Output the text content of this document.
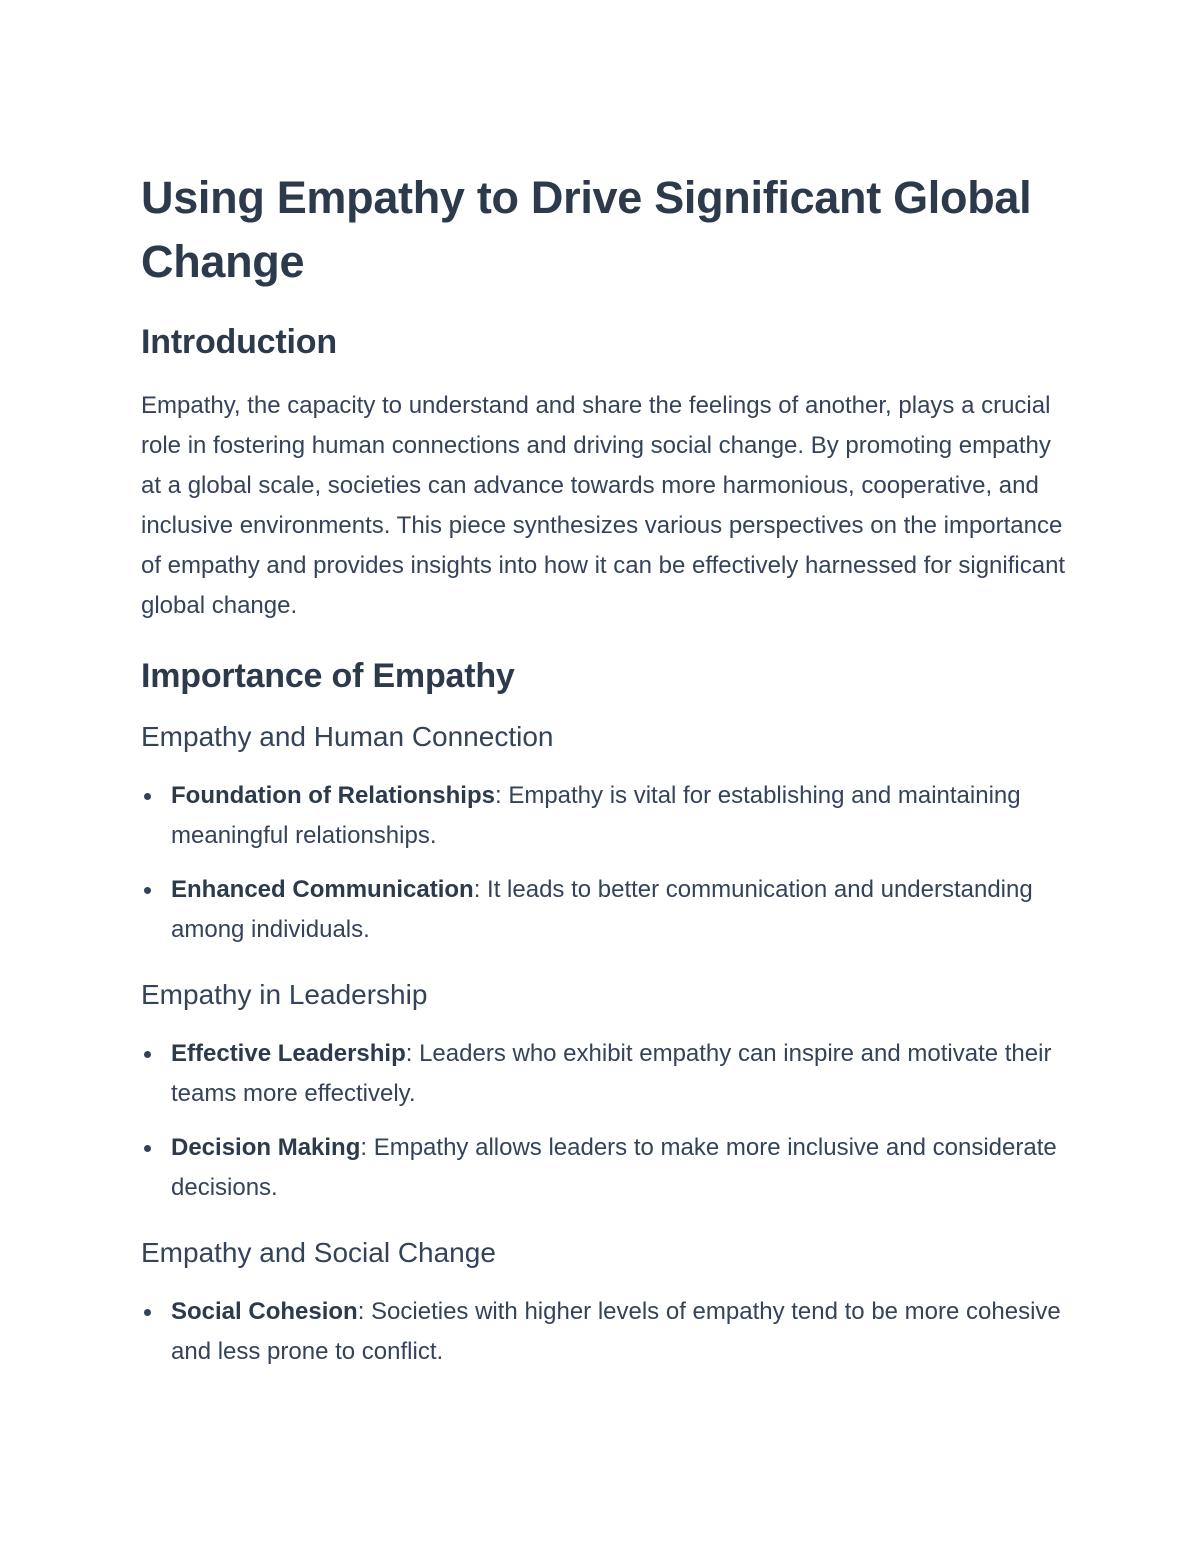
Using Empathy to Drive Significant Global Change
Introduction

Empathy, the capacity to understand and share the feelings of another, plays a crucial role in fostering human connections and driving social change. By promoting empathy at a global scale, societies can advance towards more harmonious, cooperative, and inclusive environments. This piece synthesizes various perspectives on the importance of empathy and provides insights into how it can be effectively harnessed for significant global change.

Importance of Empathy
Empathy and Human Connection
Foundation of Relationships: Empathy is vital for establishing and maintaining meaningful relationships.
Enhanced Communication: It leads to better communication and understanding among individuals.
Empathy in Leadership
Effective Leadership: Leaders who exhibit empathy can inspire and motivate their teams more effectively.
Decision Making: Empathy allows leaders to make more inclusive and considerate decisions.
Empathy and Social Change
Social Cohesion: Societies with higher levels of empathy tend to be more cohesive and less prone to conflict.
